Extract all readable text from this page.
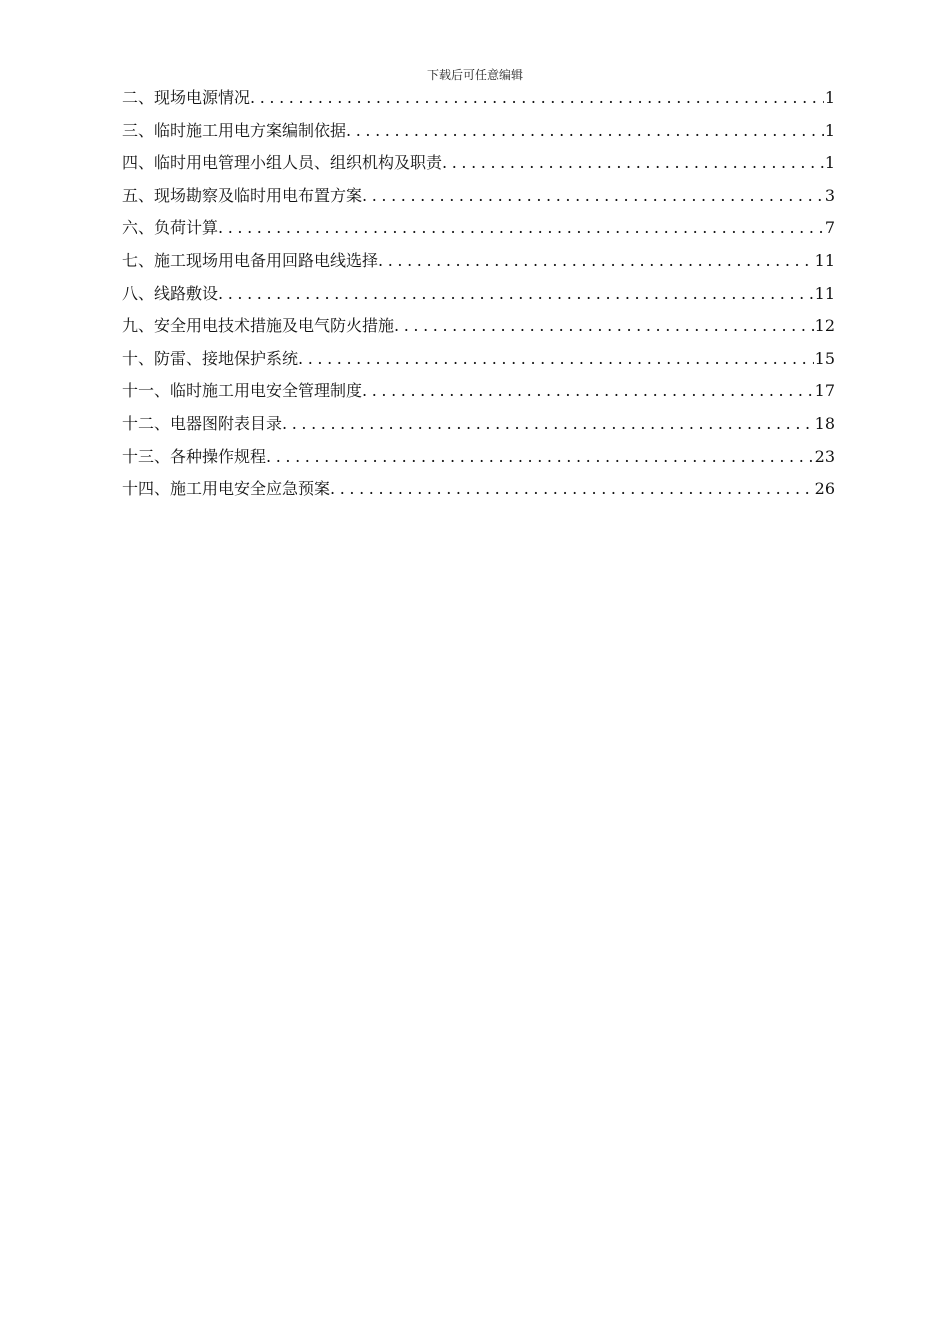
下载后可任意编辑
二、现场电源情况 .....	1
三、临时施工用电方案编制依据 .....	1
四、临时用电管理小组人员、组织机构及职责 .....	1
五、现场勘察及临时用电布置方案 .....	3
六、负荷计算 .....	7
七、施工现场用电备用回路电线选择 .....	11
八、线路敷设 .....	11
九、安全用电技术措施及电气防火措施 .....	12
十、防雷、接地保护系统 .....	15
十一、临时施工用电安全管理制度 .....	17
十二、电器图附表目录 .....	18
十三、各种操作规程 .....	23
十四、施工用电安全应急预案 .....	26
